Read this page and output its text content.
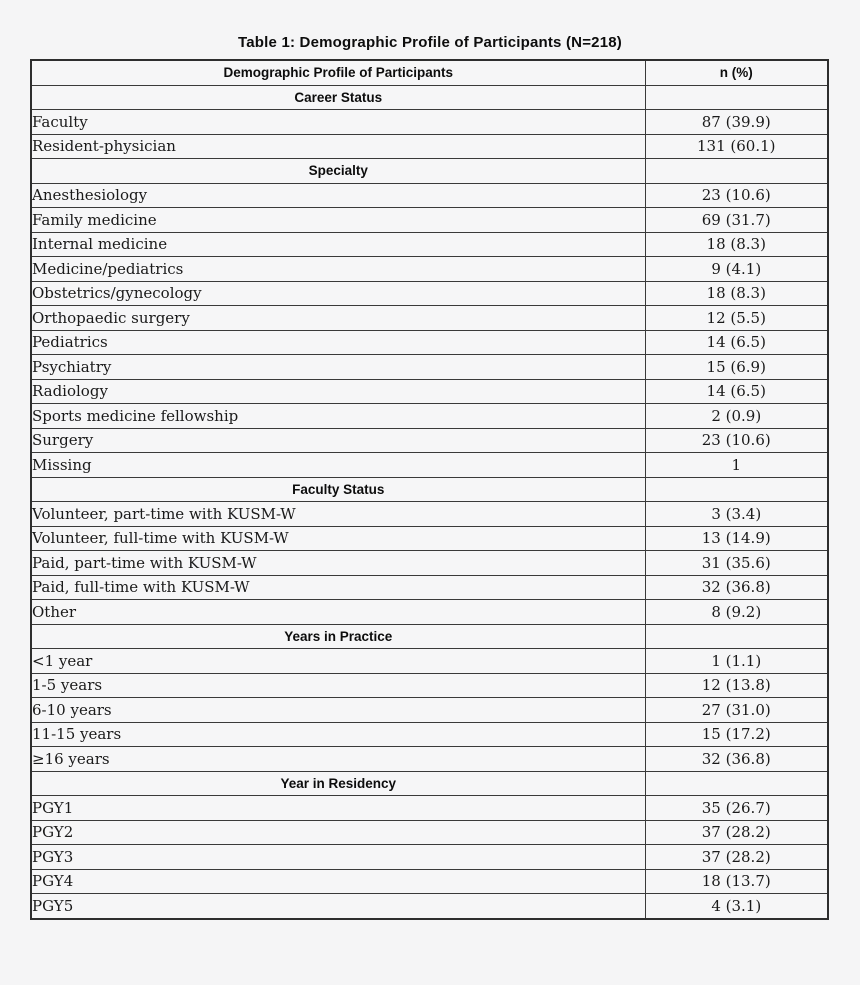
Table 1: Demographic Profile of Participants (N=218)
Demographic Profile of Participants	n (%)
Career Status	
Faculty	87 (39.9)
Resident-physician	131 (60.1)
Specialty	
Anesthesiology	23 (10.6)
Family medicine	69 (31.7)
Internal medicine	18 (8.3)
Medicine/pediatrics	9 (4.1)
Obstetrics/gynecology	18 (8.3)
Orthopaedic surgery	12 (5.5)
Pediatrics	14 (6.5)
Psychiatry	15 (6.9)
Radiology	14 (6.5)
Sports medicine fellowship	2 (0.9)
Surgery	23 (10.6)
Missing	1
Faculty Status	
Volunteer, part-time with KUSM-W	3 (3.4)
Volunteer, full-time with KUSM-W	13 (14.9)
Paid, part-time with KUSM-W	31 (35.6)
Paid, full-time with KUSM-W	32 (36.8)
Other	8 (9.2)
Years in Practice	
<1 year	1 (1.1)
1-5 years	12 (13.8)
6-10 years	27 (31.0)
11-15 years	15 (17.2)
≥16 years	32 (36.8)
Year in Residency	
PGY1	35 (26.7)
PGY2	37 (28.2)
PGY3	37 (28.2)
PGY4	18 (13.7)
PGY5	4 (3.1)
